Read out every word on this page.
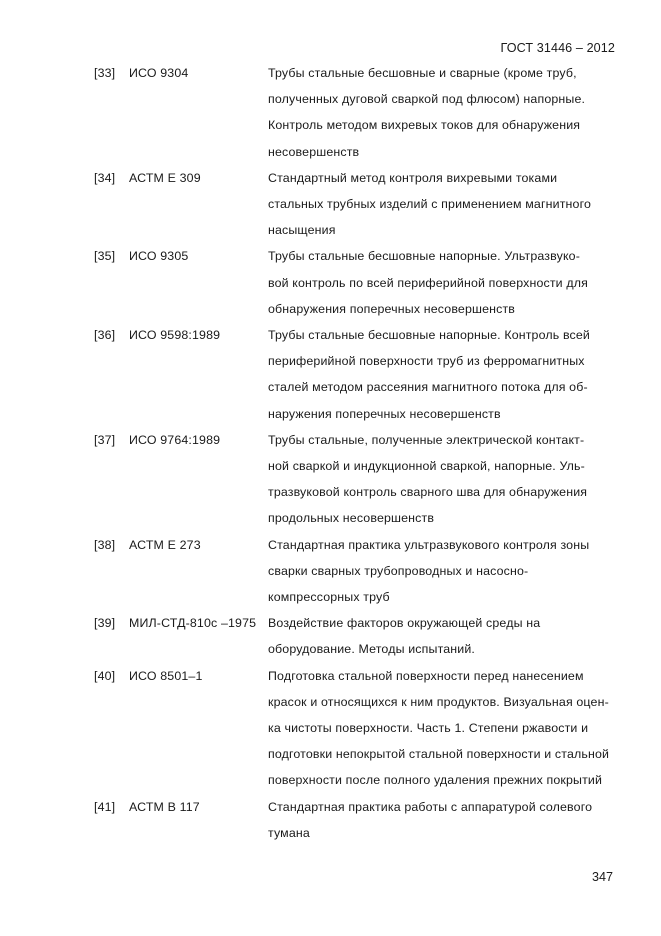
ГОСТ 31446 – 2012
[33] ИСО 9304	Трубы стальные бесшовные и сварные (кроме труб,
полученных дуговой сваркой под флюсом) напорные.
Контроль методом вихревых токов для обнаружения
несовершенств
[34] АСТМ Е 309	Стандартный метод контроля вихревыми токами
стальных трубных изделий с применением магнитного
насыщения
[35] ИСО 9305	Трубы стальные бесшовные напорные. Ультразвуко-
вой контроль по всей периферийной поверхности для
обнаружения поперечных несовершенств
[36] ИСО 9598:1989	Трубы стальные бесшовные напорные. Контроль всей
периферийной поверхности труб из ферромагнитных
сталей методом рассеяния магнитного потока для об-
наружения поперечных несовершенств
[37] ИСО 9764:1989	Трубы стальные, полученные электрической контакт-
ной сваркой и индукционной сваркой, напорные. Уль-
тразвуковой контроль сварного шва для обнаружения
продольных несовершенств
[38] АСТМ Е 273	Стандартная практика ультразвукового контроля зоны
сварки сварных трубопроводных и насосно-
компрессорных труб
[39] МИЛ-СТД-810с –1975 Воздействие факторов окружающей среды на
оборудование. Методы испытаний.
[40] ИСО 8501–1	Подготовка стальной поверхности перед нанесением
красок и относящихся к ним продуктов. Визуальная оцен-
ка чистоты поверхности. Часть 1. Степени ржавости и
подготовки непокрытой стальной поверхности и стальной
поверхности после полного удаления прежних покрытий
[41] АСТМ В 117	Стандартная практика работы с аппаратурой солевого
тумана
347
